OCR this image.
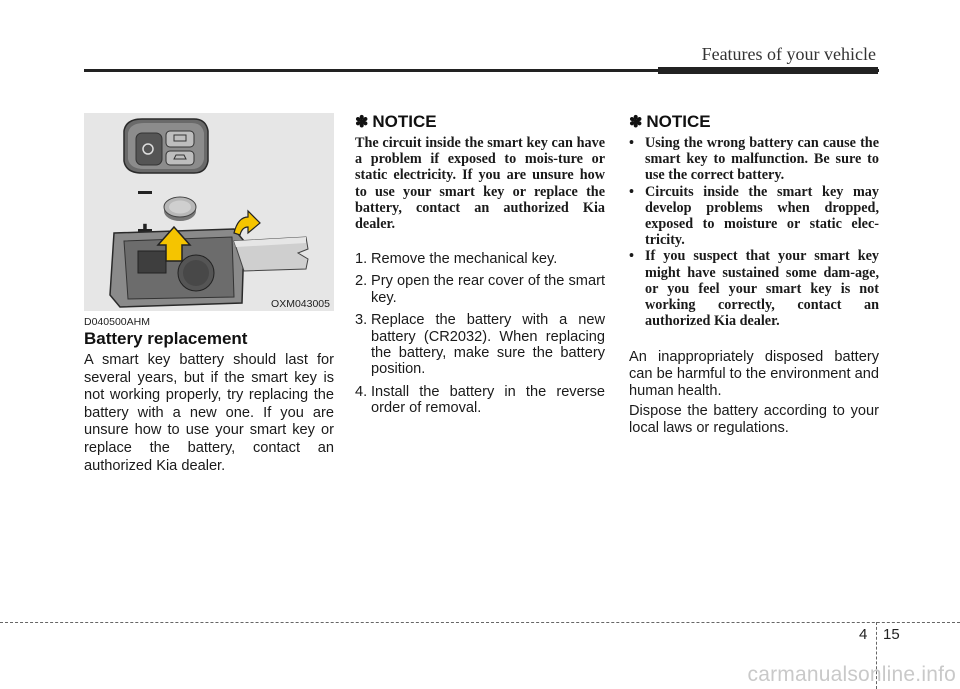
Features of your vehicle
OXM043005
D040500AHM
Battery replacement
A smart key battery should last for several years, but if the smart key is not working properly, try replacing the battery with a new one. If you are unsure how to use your smart key or replace the battery, contact an authorized Kia dealer.
✽ NOTICE
The circuit inside the smart key can have a problem if exposed to mois-ture or static electricity. If you are unsure how to use your smart key or replace the battery, contact an authorized Kia dealer.
1. Remove the mechanical key.
2. Pry open the rear cover of the smart key.
3. Replace the battery with a new battery (CR2032). When replacing the battery, make sure the battery position.
4. Install the battery in the reverse order of removal.
✽ NOTICE
• Using the wrong battery can cause the smart key to malfunction. Be sure to use the correct battery.
• Circuits inside the smart key may develop problems when dropped, exposed to moisture or static elec-tricity.
• If you suspect that your smart key might have sustained some dam-age, or you feel your smart key is not working correctly, contact an authorized Kia dealer.
An inappropriately disposed battery can be harmful to the environment and human health.
Dispose the battery according to your local laws or regulations.
4 15
carmanualsonline.info
